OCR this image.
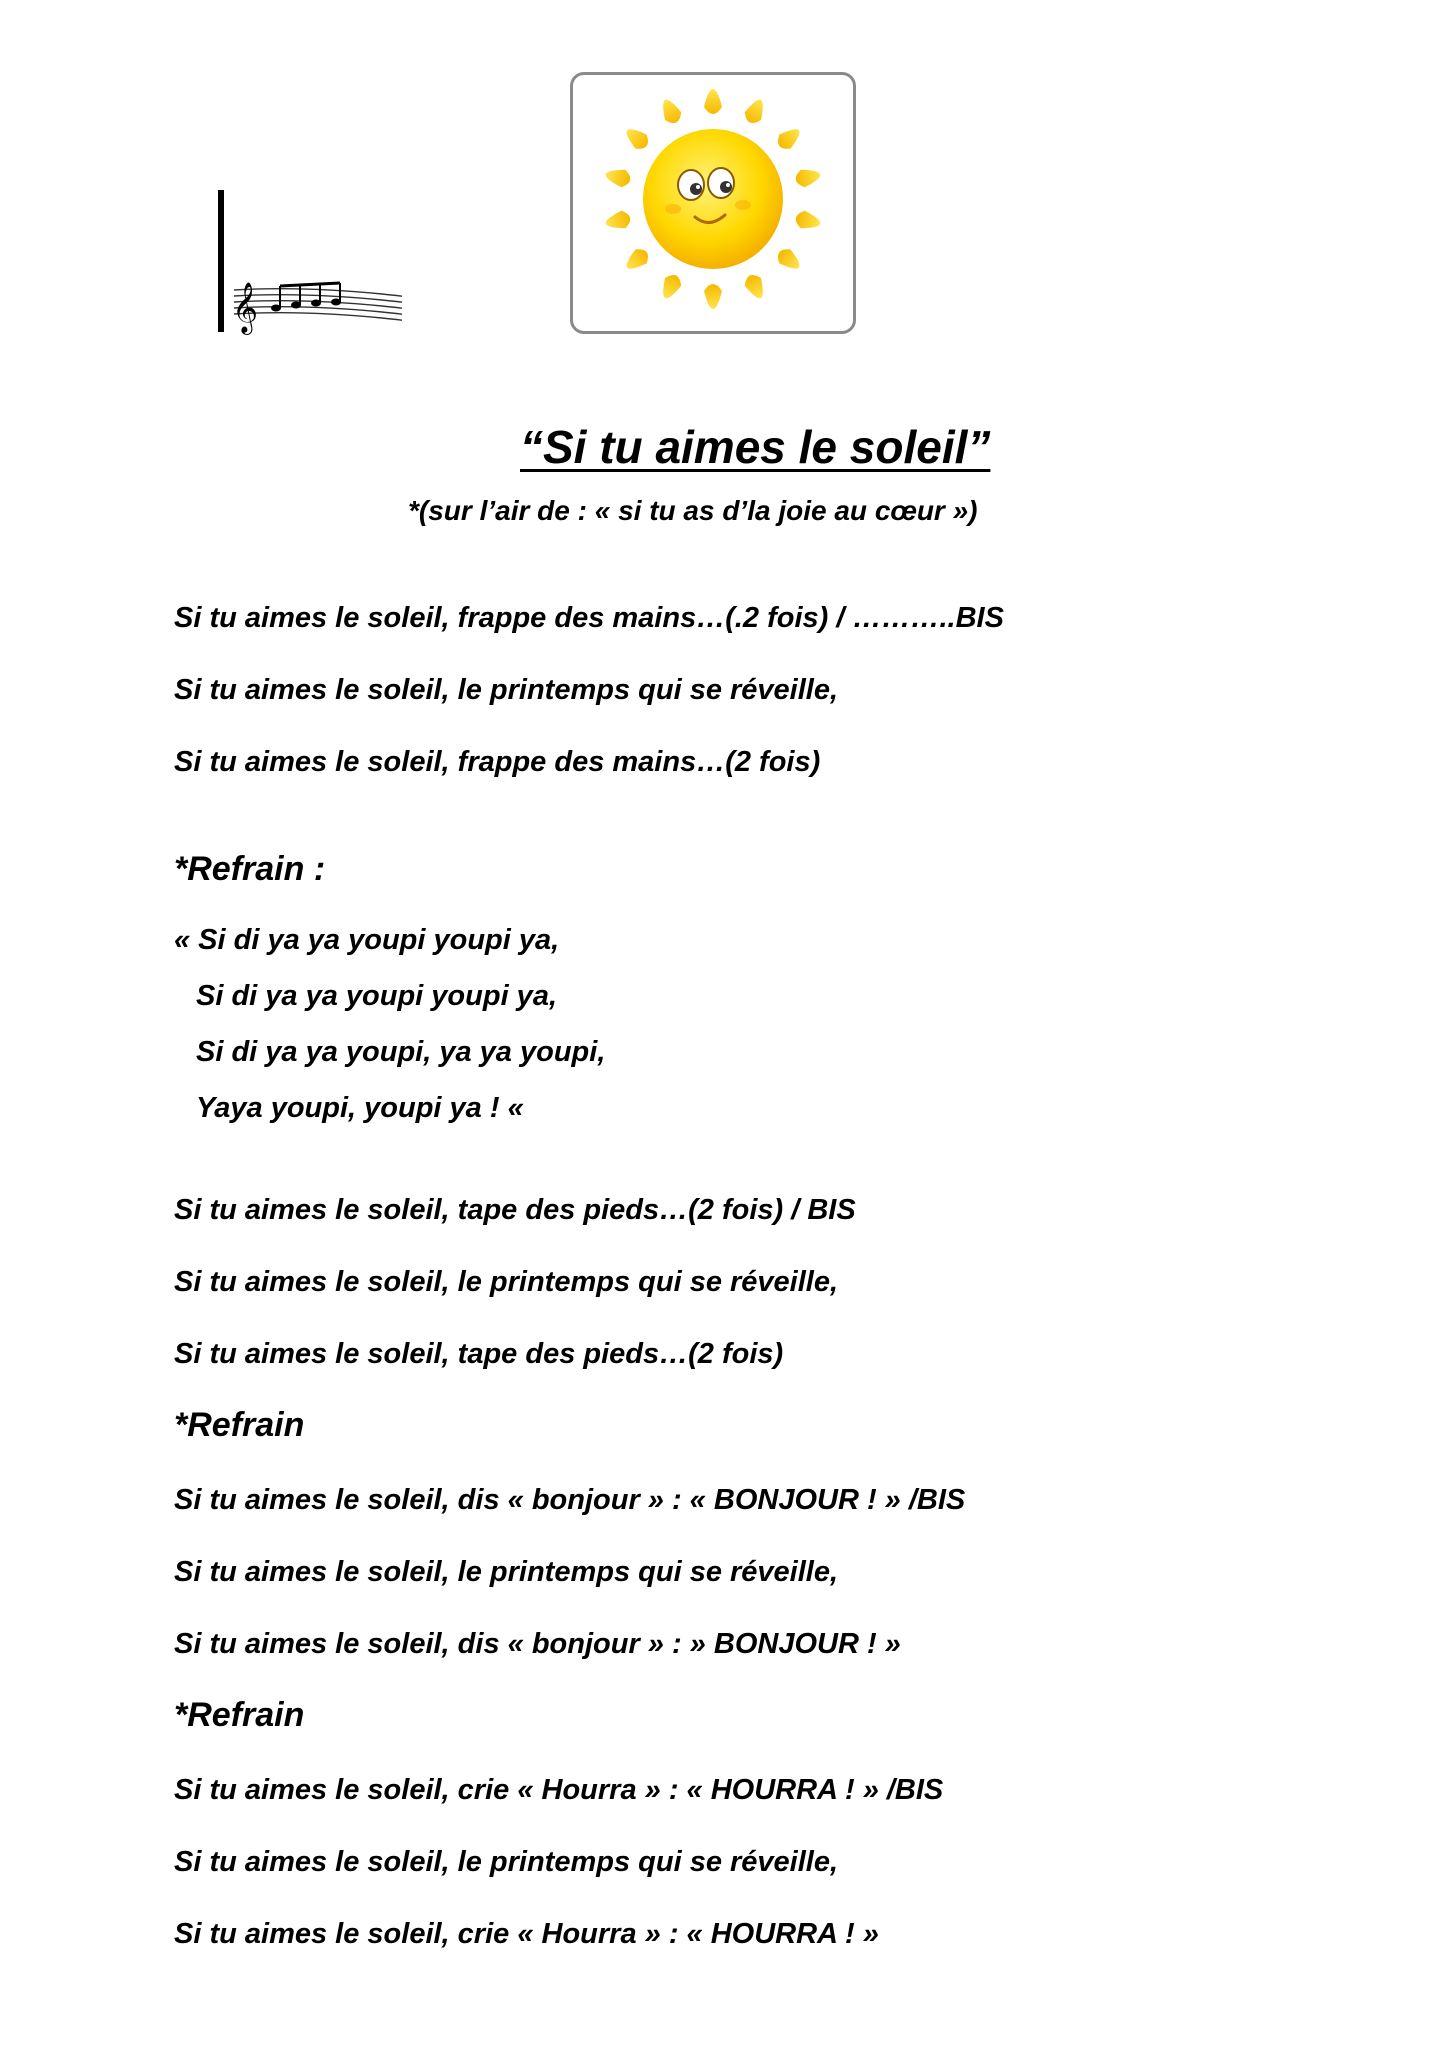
𝄞
“Si tu aimes le soleil”
*(sur l’air de : « si tu as d’la joie au cœur »)
Si tu aimes le soleil, frappe des mains…(.2 fois) / ………..BIS
Si tu aimes le soleil, le printemps qui se réveille,
Si tu aimes le soleil, frappe des mains…(2 fois)
*Refrain :
« Si di ya ya youpi youpi ya,
Si di ya ya youpi youpi ya,
Si di ya ya youpi, ya ya youpi,
Yaya youpi, youpi ya ! «
Si tu aimes le soleil, tape des pieds…(2 fois) / BIS
Si tu aimes le soleil, le printemps qui se réveille,
Si tu aimes le soleil, tape des pieds…(2 fois)
*Refrain
Si tu aimes le soleil, dis « bonjour » : « BONJOUR ! » /BIS
Si tu aimes le soleil, le printemps qui se réveille,
Si tu aimes le soleil, dis « bonjour » : » BONJOUR ! »
*Refrain
Si tu aimes le soleil, crie « Hourra » : « HOURRA ! » /BIS
Si tu aimes le soleil, le printemps qui se réveille,
Si tu aimes le soleil, crie « Hourra » : « HOURRA ! »
